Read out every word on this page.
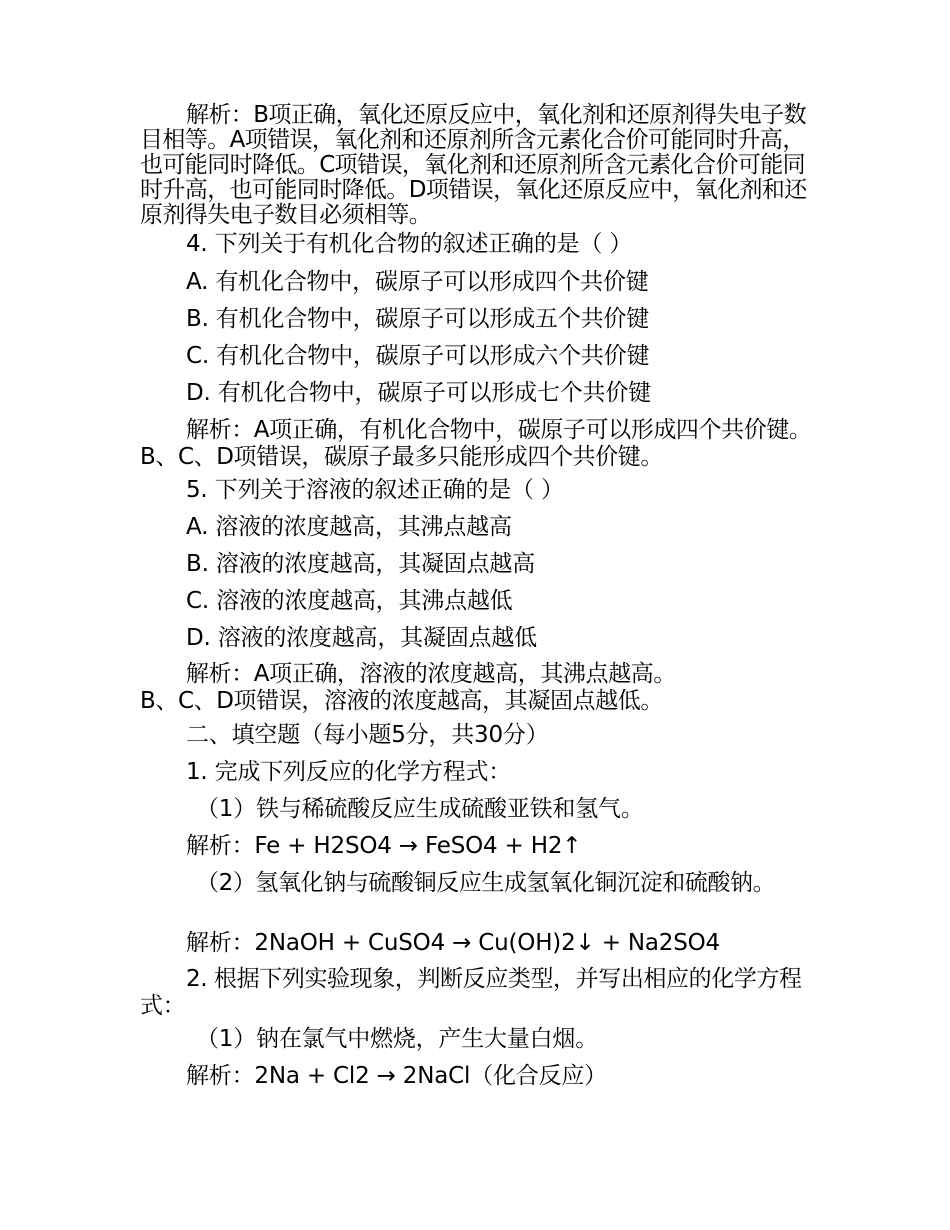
解析：B项正确，氧化还原反应中，氧化剂和还原剂得失电子数目相等。A项错误，氧化剂和还原剂所含元素化合价可能同时升高，也可能同时降低。C项错误，氧化剂和还原剂所含元素化合价可能同时升高，也可能同时降低。D项错误，氧化还原反应中，氧化剂和还原剂得失电子数目必须相等。

4. 下列关于有机化合物的叙述正确的是（ ）

A. 有机化合物中，碳原子可以形成四个共价键

B. 有机化合物中，碳原子可以形成五个共价键

C. 有机化合物中，碳原子可以形成六个共价键

D. 有机化合物中，碳原子可以形成七个共价键

解析：A项正确，有机化合物中，碳原子可以形成四个共价键。B、C、D项错误，碳原子最多只能形成四个共价键。

5. 下列关于溶液的叙述正确的是（ ）

A. 溶液的浓度越高，其沸点越高

B. 溶液的浓度越高，其凝固点越高

C. 溶液的浓度越高，其沸点越低

D. 溶液的浓度越高，其凝固点越低

解析：A项正确，溶液的浓度越高，其沸点越高。B、C、D项错误，溶液的浓度越高，其凝固点越低。

二、填空题（每小题5分，共30分）

1. 完成下列反应的化学方程式：

（1）铁与稀硫酸反应生成硫酸亚铁和氢气。

解析：Fe + H2SO4 → FeSO4 + H2↑

（2）氢氧化钠与硫酸铜反应生成氢氧化铜沉淀和硫酸钠。

解析：2NaOH + CuSO4 → Cu(OH)2↓ + Na2SO4

2. 根据下列实验现象，判断反应类型，并写出相应的化学方程式：

（1）钠在氯气中燃烧，产生大量白烟。

解析：2Na + Cl2 → 2NaCl（化合反应）
